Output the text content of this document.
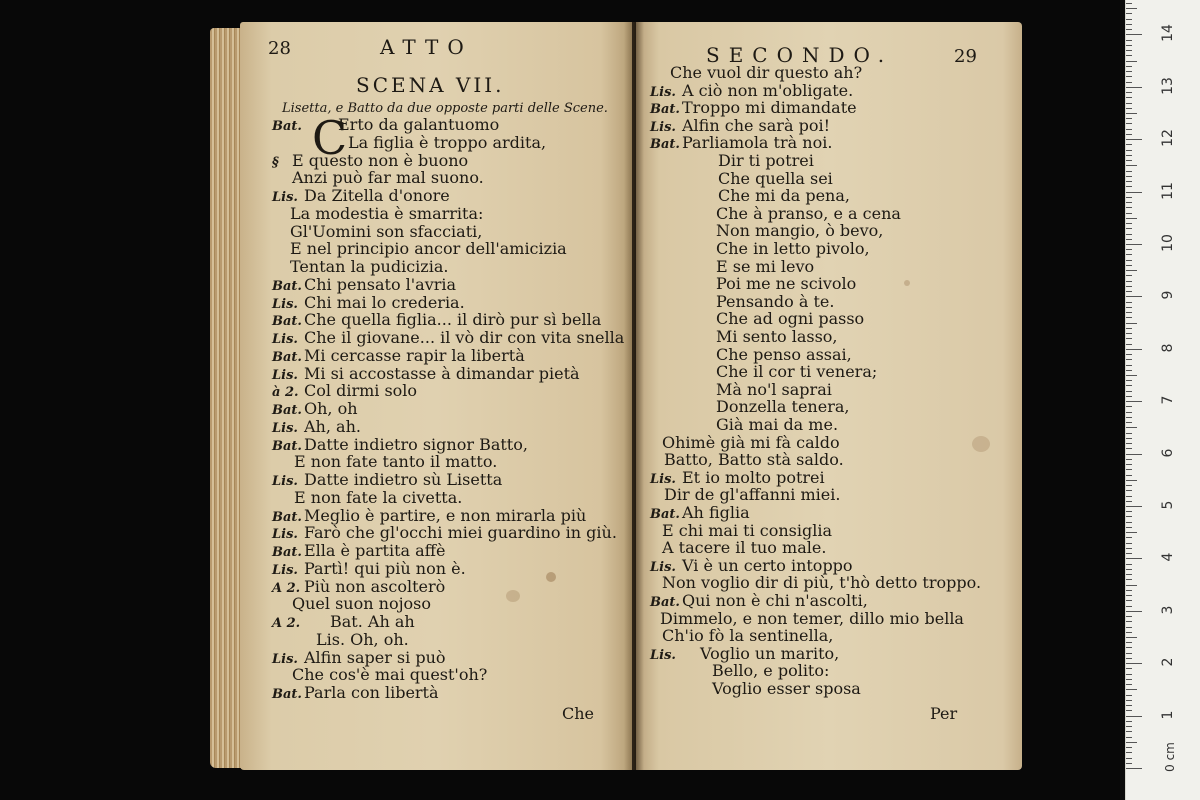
28	ATTO
SCENA VII.
Lisetta, e Batto da due opposte parti delle Scene.
C
Bat. Erto da galantuomo
La figlia è troppo ardita,
§ E questo non è buono
Anzi può far mal suono.
Lis. Da Zitella d'onore
La modestia è smarrita:
Gl'Uomini son sfacciati,
E nel principio ancor dell'amicizia
Tentan la pudicizia.
Bat. Chi pensato l'avria
Lis. Chi mai lo crederia.
Bat. Che quella figlia... il dirò pur sì bella
Lis. Che il giovane... il vò dir con vita snella
Bat. Mi cercasse rapir la libertà
Lis. Mi si accostasse à dimandar pietà
à 2. Col dirmi solo
Bat. Oh, oh
Lis. Ah, ah.
Bat. Datte indietro signor Batto,
E non fate tanto il matto.
Lis. Datte indietro sù Lisetta
E non fate la civetta.
Bat. Meglio è partire, e non mirarla più
Lis. Farò che gl'occhi miei guardino in giù.
Bat. Ella è partita affè
Lis. Partì! qui più non è.
A 2. Più non ascolterò
Quel suon nojoso
A 2. Bat. Ah ah
Lis. Oh, oh.
Lis. Alfin saper si può
Che cos'è mai quest'oh?
Bat. Parla con libertà
Che
SECONDO.	29
Che vuol dir questo ah?
Lis. A ciò non m'obligate.
Bat. Troppo mi dimandate
Lis. Alfin che sarà poi!
Bat. Parliamola trà noi.
Dir ti potrei
Che quella sei
Che mi da pena,
Che à pranso, e a cena
Non mangio, ò bevo,
Che in letto pivolo,
E se mi levo
Poi me ne scivolo
Pensando à te.
Che ad ogni passo
Mi sento lasso,
Che penso assai,
Che il cor ti venera;
Mà no'l saprai
Donzella tenera,
Già mai da me.
Ohimè già mi fà caldo
Batto, Batto stà saldo.
Lis. Et io molto potrei
Dir de gl'affanni miei.
Bat. Ah figlia
E chi mai ti consiglia
A tacere il tuo male.
Lis. Vi è un certo intoppo
Non voglio dir di più, t'hò detto troppo.
Bat. Qui non è chi n'ascolti,
Dimmelo, e non temer, dillo mio bella
Ch'io fò la sentinella,
Lis. Voglio un marito,
Bello, e polito:
Voglio esser sposa
Per
0 cm
1
2
3
4
5
6
7
8
9
10
11
12
13
14
